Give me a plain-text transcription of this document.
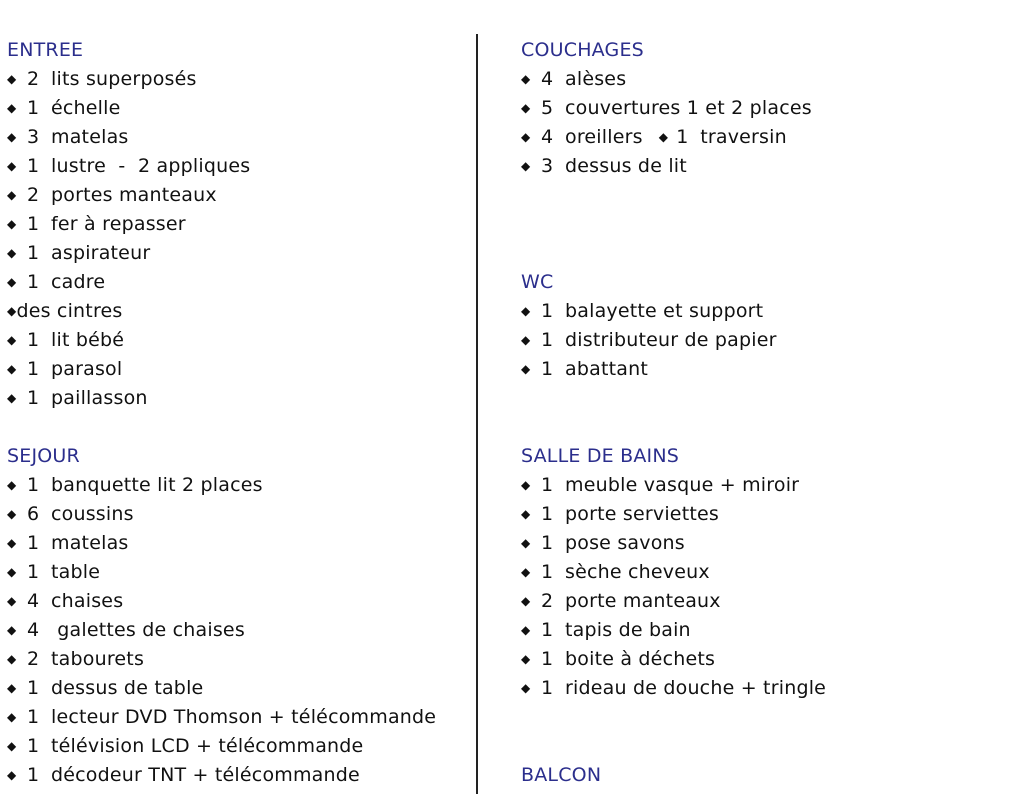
ENTREE
◆ 2 lits superposés
◆ 1 échelle
◆ 3 matelas
◆ 1 lustre  -  2 appliques
◆ 2 portes manteaux
◆ 1 fer à repasser
◆ 1 aspirateur
◆ 1 cadre
◆des cintres
◆ 1 lit bébé
◆ 1 parasol
◆ 1 paillasson
SEJOUR
◆ 1 banquette lit 2 places
◆ 6 coussins
◆ 1 matelas
◆ 1 table
◆ 4 chaises
◆ 4 galettes de chaises
◆ 2 tabourets
◆ 1 dessus de table
◆ 1 lecteur DVD Thomson + télécommande
◆ 1 télévision LCD + télécommande
◆ 1 décodeur TNT + télécommande
COUCHAGES
◆ 4 alèses
◆ 5 couvertures 1 et 2 places
◆ 4 oreillers ◆ 1 traversin
◆ 3 dessus de lit
WC
◆ 1 balayette et support
◆ 1 distributeur de papier
◆ 1 abattant
SALLE DE BAINS
◆ 1 meuble vasque + miroir
◆ 1 porte serviettes
◆ 1 pose savons
◆ 1 sèche cheveux
◆ 2 porte manteaux
◆ 1 tapis de bain
◆ 1 boite à déchets
◆ 1 rideau de douche + tringle
BALCON
